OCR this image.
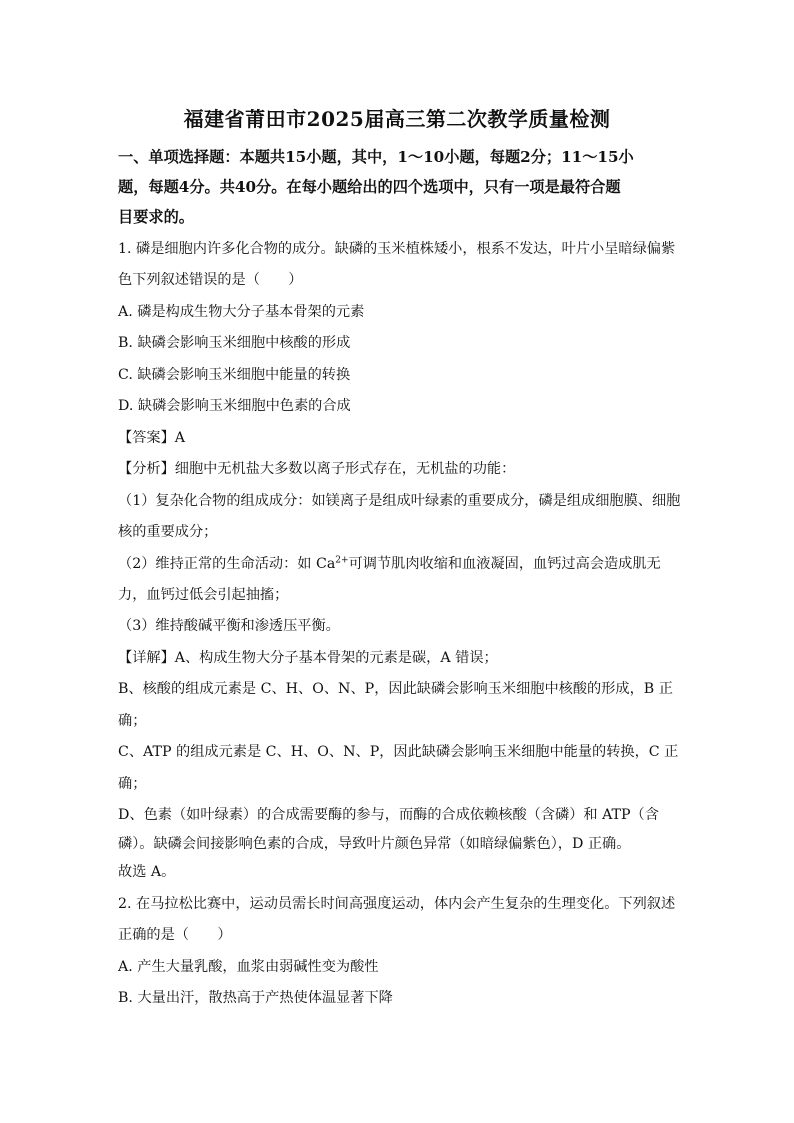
福建省莆田市2025届高三第二次教学质量检测
一、单项选择题：本题共15小题，其中，1～10小题，每题2分；11～15小
题，每题4分。共40分。在每小题给出的四个选项中，只有一项是最符合题
目要求的。
1. 磷是细胞内许多化合物的成分。缺磷的玉米植株矮小，根系不发达，叶片小呈暗绿偏紫
色下列叙述错误的是（　　）
A. 磷是构成生物大分子基本骨架的元素
B. 缺磷会影响玉米细胞中核酸的形成
C. 缺磷会影响玉米细胞中能量的转换
D. 缺磷会影响玉米细胞中色素的合成
【答案】A
【分析】细胞中无机盐大多数以离子形式存在，无机盐的功能：
（1）复杂化合物的组成成分：如镁离子是组成叶绿素的重要成分，磷是组成细胞膜、细胞
核的重要成分；
（2）维持正常的生命活动：如 $Ca^{2+}$可调节肌肉收缩和血液凝固，血钙过高会造成肌无
力，血钙过低会引起抽搐；
（3）维持酸碱平衡和渗透压平衡。
【详解】A、构成生物大分子基本骨架的元素是碳，A 错误；
B、核酸的组成元素是 C、H、O、N、P，因此缺磷会影响玉米细胞中核酸的形成，B 正
确；
C、ATP 的组成元素是 C、H、O、N、P，因此缺磷会影响玉米细胞中能量的转换，C 正
确；
D、色素（如叶绿素）的合成需要酶的参与，而酶的合成依赖核酸（含磷）和 ATP（含
磷）。缺磷会间接影响色素的合成，导致叶片颜色异常（如暗绿偏紫色），D 正确。
故选 A。
2. 在马拉松比赛中，运动员需长时间高强度运动，体内会产生复杂的生理变化。下列叙述
正确的是（　　）
A. 产生大量乳酸，血浆由弱碱性变为酸性
B. 大量出汗，散热高于产热使体温显著下降
